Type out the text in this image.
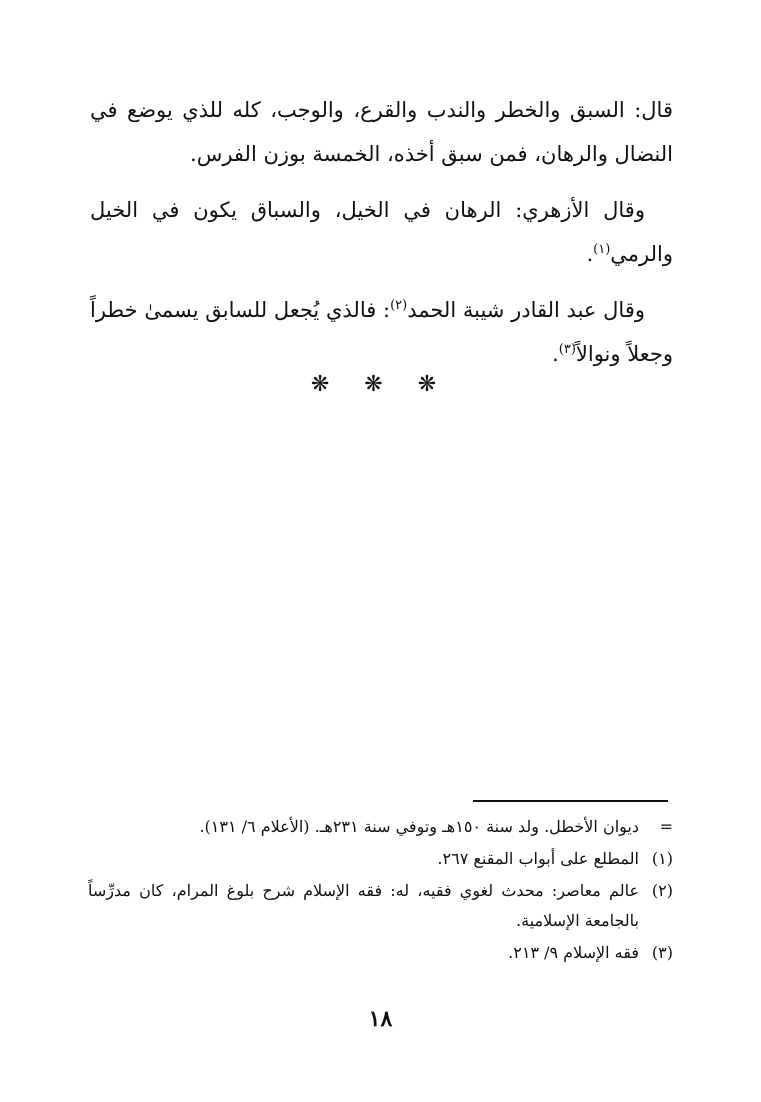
قال: السبق والخطر والندب والقرع، والوجب، كله للذي يوضع في النضال والرهان، فمن سبق أخذه، الخمسة بوزن الفرس.

وقال الأزهري: الرهان في الخيل، والسباق يكون في الخيل والرمي$^{(١)}$.

وقال عبد القادر شيبة الحمد$^{(٢)}$: فالذي يُجعل للسابق يسمىٰ خطراً وجعلاً ونوالاً$^{(٣)}$.

❋ ❋ ❋
=
ديوان الأخطل. ولد سنة ١٥٠هـ وتوفي سنة ٢٣١هـ. (الأعلام ٦/ ١٣١).
(١)
المطلع على أبواب المقنع ٢٦٧.
(٢)
عالم معاصر: محدث لغوي فقيه، له: فقه الإسلام شرح بلوغ المرام، كان مدرِّساً بالجامعة الإسلامية.
(٣)
فقه الإسلام ٩/ ٢١٣.
١٨
